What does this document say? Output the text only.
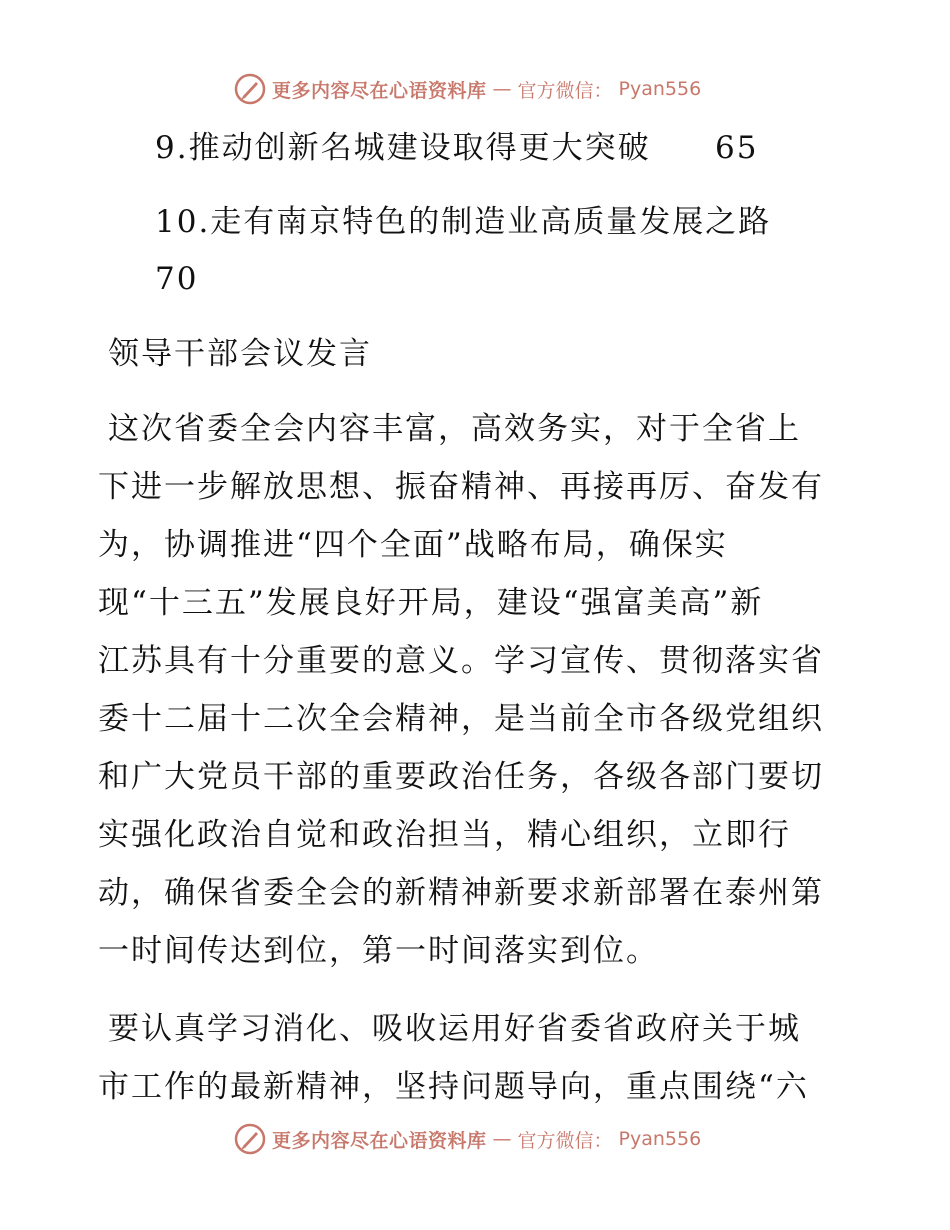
更多内容尽在心语资料库 — 官方微信： Pyan556
9.推动创新名城建设取得更大突破 65
10.走有南京特色的制造业高质量发展之路
70
领导干部会议发言
这次省委全会内容丰富，高效务实，对于全省上
下进一步解放思想、振奋精神、再接再厉、奋发有
为，协调推进“四个全面”战略布局，确保实
现“十三五”发展良好开局，建设“强富美高”新
江苏具有十分重要的意义。学习宣传、贯彻落实省
委十二届十二次全会精神，是当前全市各级党组织
和广大党员干部的重要政治任务，各级各部门要切
实强化政治自觉和政治担当，精心组织，立即行
动，确保省委全会的新精神新要求新部署在泰州第
一时间传达到位，第一时间落实到位。
要认真学习消化、吸收运用好省委省政府关于城
市工作的最新精神，坚持问题导向，重点围绕“六
更多内容尽在心语资料库 — 官方微信： Pyan556
